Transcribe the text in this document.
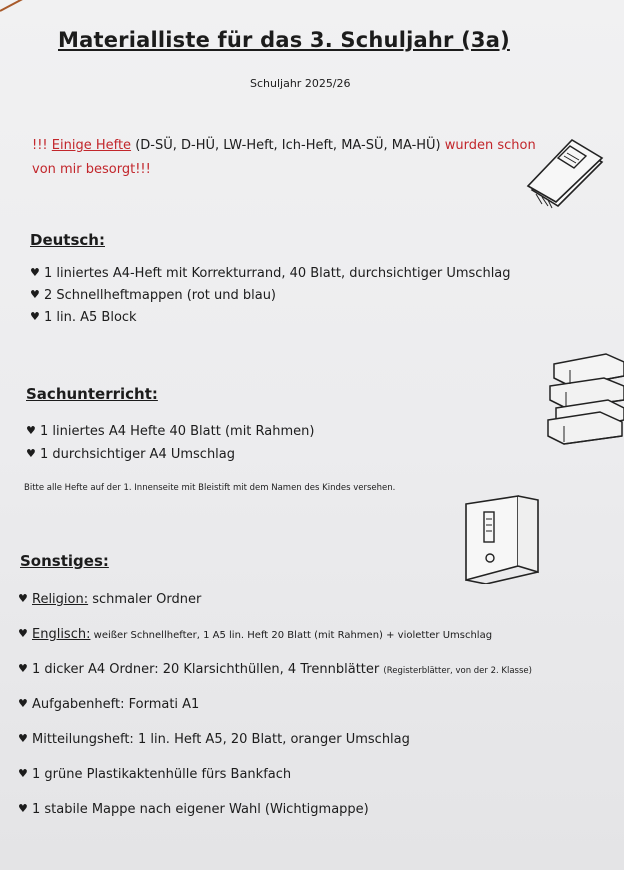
Materialliste für das 3. Schuljahr (3a)
Schuljahr 2025/26
!!! Einige Hefte (D-SÜ, D-HÜ, LW-Heft, Ich-Heft, MA-SÜ, MA-HÜ) wurden schon von mir besorgt!!!
Deutsch:
♥ 1 liniertes A4-Heft mit Korrekturrand, 40 Blatt, durchsichtiger Umschlag
♥ 2 Schnellheftmappen (rot und blau)
♥ 1 lin. A5 Block
Sachunterricht:
♥ 1 liniertes A4 Hefte 40 Blatt (mit Rahmen)
♥ 1 durchsichtiger A4 Umschlag
Bitte alle Hefte auf der 1. Innenseite mit Bleistift mit dem Namen des Kindes versehen.
Sonstiges:
♥ Religion: schmaler Ordner
♥ Englisch: weißer Schnellhefter, 1 A5 lin. Heft 20 Blatt (mit Rahmen) + violetter Umschlag
♥ 1 dicker A4 Ordner: 20 Klarsichthüllen, 4 Trennblätter (Registerblätter, von der 2. Klasse)
♥ Aufgabenheft: Formati A1
♥ Mitteilungsheft: 1 lin. Heft A5, 20 Blatt, oranger Umschlag
♥ 1 grüne Plastikaktenhülle fürs Bankfach
♥ 1 stabile Mappe nach eigener Wahl (Wichtigmappe)
